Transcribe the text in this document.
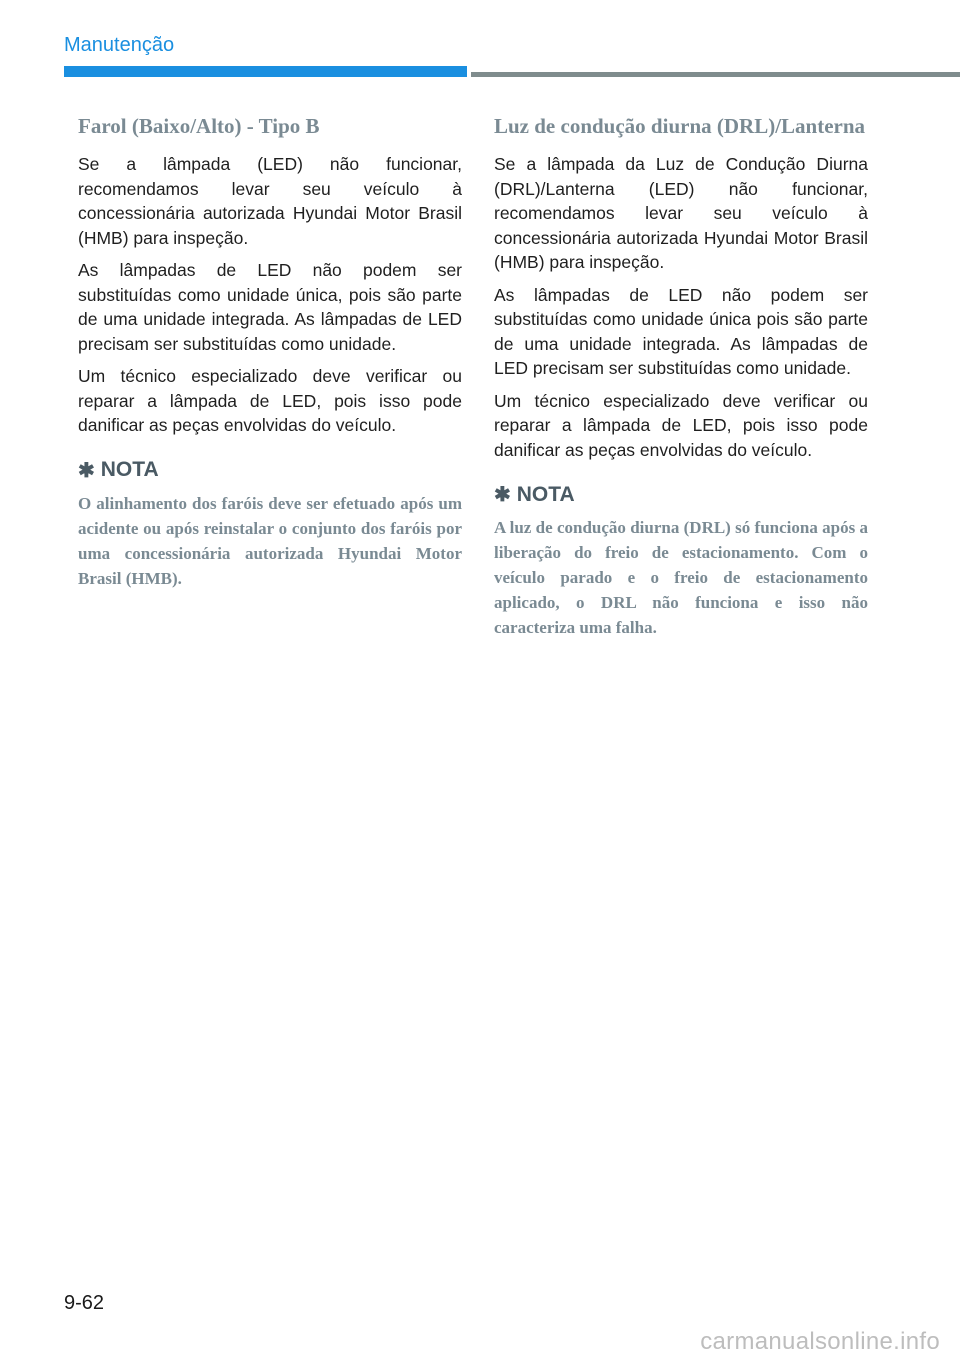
Manutenção
Farol (Baixo/Alto) - Tipo B

Se a lâmpada (LED) não funcionar, recomendamos levar seu veículo à concessionária autorizada Hyundai Motor Brasil (HMB) para inspeção.

As lâmpadas de LED não podem ser substituídas como unidade única, pois são parte de uma unidade integrada. As lâmpadas de LED precisam ser substituídas como unidade.

Um técnico especializado deve verificar ou reparar a lâmpada de LED, pois isso pode danificar as peças envolvidas do veículo.

✱ NOTA

O alinhamento dos faróis deve ser efetuado após um acidente ou após reinstalar o conjunto dos faróis por uma concessionária autorizada Hyundai Motor Brasil (HMB).

Luz de condução diurna (DRL)/Lanterna

Se a lâmpada da Luz de Condução Diurna (DRL)/Lanterna (LED) não funcionar, recomendamos levar seu veículo à concessionária autorizada Hyundai Motor Brasil (HMB) para inspeção.

As lâmpadas de LED não podem ser substituídas como unidade única pois são parte de uma unidade integrada. As lâmpadas de LED precisam ser substituídas como unidade.

Um técnico especializado deve verificar ou reparar a lâmpada de LED, pois isso pode danificar as peças envolvidas do veículo.

✱ NOTA

A luz de condução diurna (DRL) só funciona após a liberação do freio de estacionamento. Com o veículo parado e o freio de estacionamento aplicado, o DRL não funciona e isso não caracteriza uma falha.

9-62
carmanualsonline.info
